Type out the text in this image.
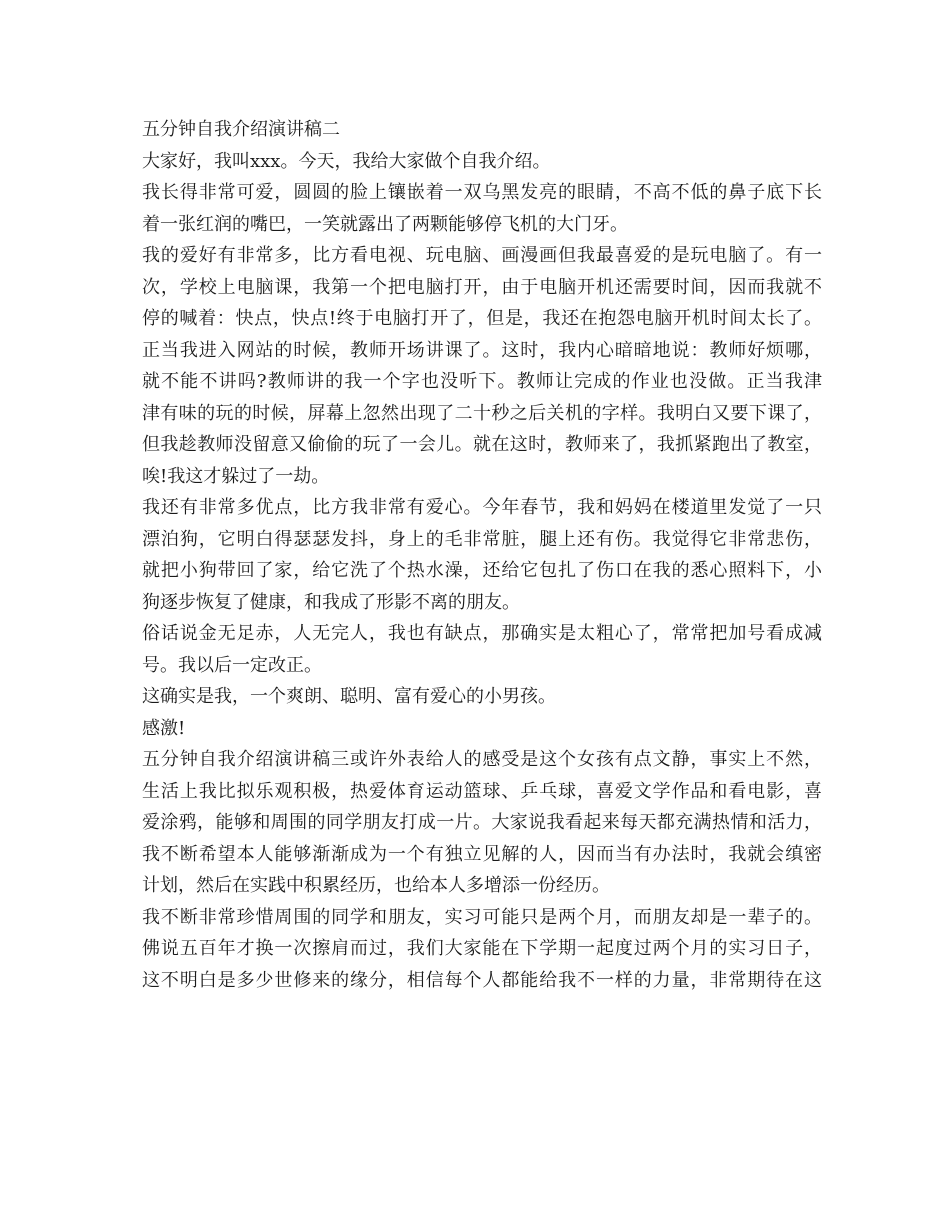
五分钟自我介绍演讲稿二
大家好，我叫xxx。今天，我给大家做个自我介绍。
我长得非常可爱，圆圆的脸上镶嵌着一双乌黑发亮的眼睛，不高不低的鼻子底下长
着一张红润的嘴巴，一笑就露出了两颗能够停飞机的大门牙。
我的爱好有非常多，比方看电视、玩电脑、画漫画但我最喜爱的是玩电脑了。有一
次，学校上电脑课，我第一个把电脑打开，由于电脑开机还需要时间，因而我就不
停的喊着：快点，快点!终于电脑打开了，但是，我还在抱怨电脑开机时间太长了。
正当我进入网站的时候，教师开场讲课了。这时，我内心暗暗地说：教师好烦哪，
就不能不讲吗?教师讲的我一个字也没听下。教师让完成的作业也没做。正当我津
津有味的玩的时候，屏幕上忽然出现了二十秒之后关机的字样。我明白又要下课了，
但我趁教师没留意又偷偷的玩了一会儿。就在这时，教师来了，我抓紧跑出了教室，
唉!我这才躲过了一劫。
我还有非常多优点，比方我非常有爱心。今年春节，我和妈妈在楼道里发觉了一只
漂泊狗，它明白得瑟瑟发抖，身上的毛非常脏，腿上还有伤。我觉得它非常悲伤，
就把小狗带回了家，给它洗了个热水澡，还给它包扎了伤口在我的悉心照料下，小
狗逐步恢复了健康，和我成了形影不离的朋友。
俗话说金无足赤，人无完人，我也有缺点，那确实是太粗心了，常常把加号看成减
号。我以后一定改正。
这确实是我，一个爽朗、聪明、富有爱心的小男孩。
感激!
五分钟自我介绍演讲稿三或许外表给人的感受是这个女孩有点文静，事实上不然，
生活上我比拟乐观积极，热爱体育运动篮球、乒乓球，喜爱文学作品和看电影，喜
爱涂鸦，能够和周围的同学朋友打成一片。大家说我看起来每天都充满热情和活力，
我不断希望本人能够渐渐成为一个有独立见解的人，因而当有办法时，我就会缜密
计划，然后在实践中积累经历，也给本人多增添一份经历。
我不断非常珍惜周围的同学和朋友，实习可能只是两个月，而朋友却是一辈子的。
佛说五百年才换一次擦肩而过，我们大家能在下学期一起度过两个月的实习日子，
这不明白是多少世修来的缘分，相信每个人都能给我不一样的力量，非常期待在这
